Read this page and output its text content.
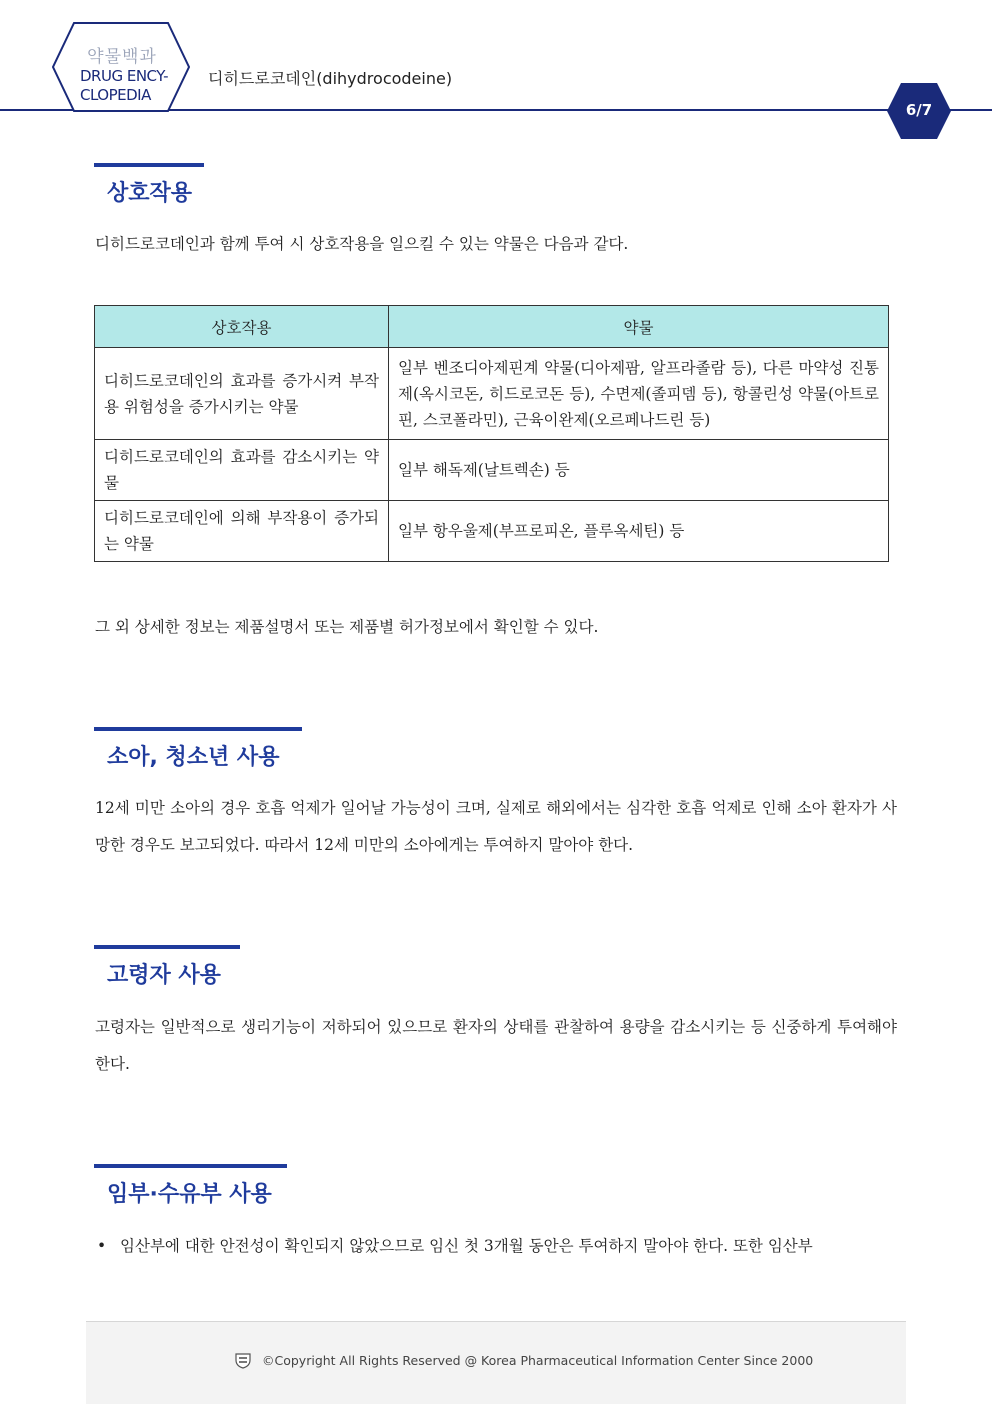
약물백과
DRUG ENCY-
CLOPEDIA
디히드로코데인(dihydrocodeine)
6/7
상호작용
디히드로코데인과 함께 투여 시 상호작용을 일으킬 수 있는 약물은 다음과 같다.
상호작용	약물
디히드로코데인의 효과를 증가시켜 부작용 위험성을 증가시키는 약물	일부 벤조디아제핀계 약물(디아제팜, 알프라졸람 등), 다른 마약성 진통제(옥시코돈, 히드로코돈 등), 수면제(졸피뎀 등), 항콜린성 약물(아트로핀, 스코폴라민), 근육이완제(오르페나드린 등)
디히드로코데인의 효과를 감소시키는 약물	일부 해독제(날트렉손) 등
디히드로코데인에 의해 부작용이 증가되는 약물	일부 항우울제(부프로피온, 플루옥세틴) 등
그 외 상세한 정보는 제품설명서 또는 제품별 허가정보에서 확인할 수 있다.
소아, 청소년 사용
12세 미만 소아의 경우 호흡 억제가 일어날 가능성이 크며, 실제로 해외에서는 심각한 호흡 억제로 인해 소아 환자가 사망한 경우도 보고되었다. 따라서 12세 미만의 소아에게는 투여하지 말아야 한다.
고령자 사용
고령자는 일반적으로 생리기능이 저하되어 있으므로 환자의 상태를 관찰하여 용량을 감소시키는 등 신중하게 투여해야 한다.
임부·수유부 사용
• 임산부에 대한 안전성이 확인되지 않았으므로 임신 첫 3개월 동안은 투여하지 말아야 한다. 또한 임산부
©Copyright All Rights Reserved @ Korea Pharmaceutical Information Center Since 2000
